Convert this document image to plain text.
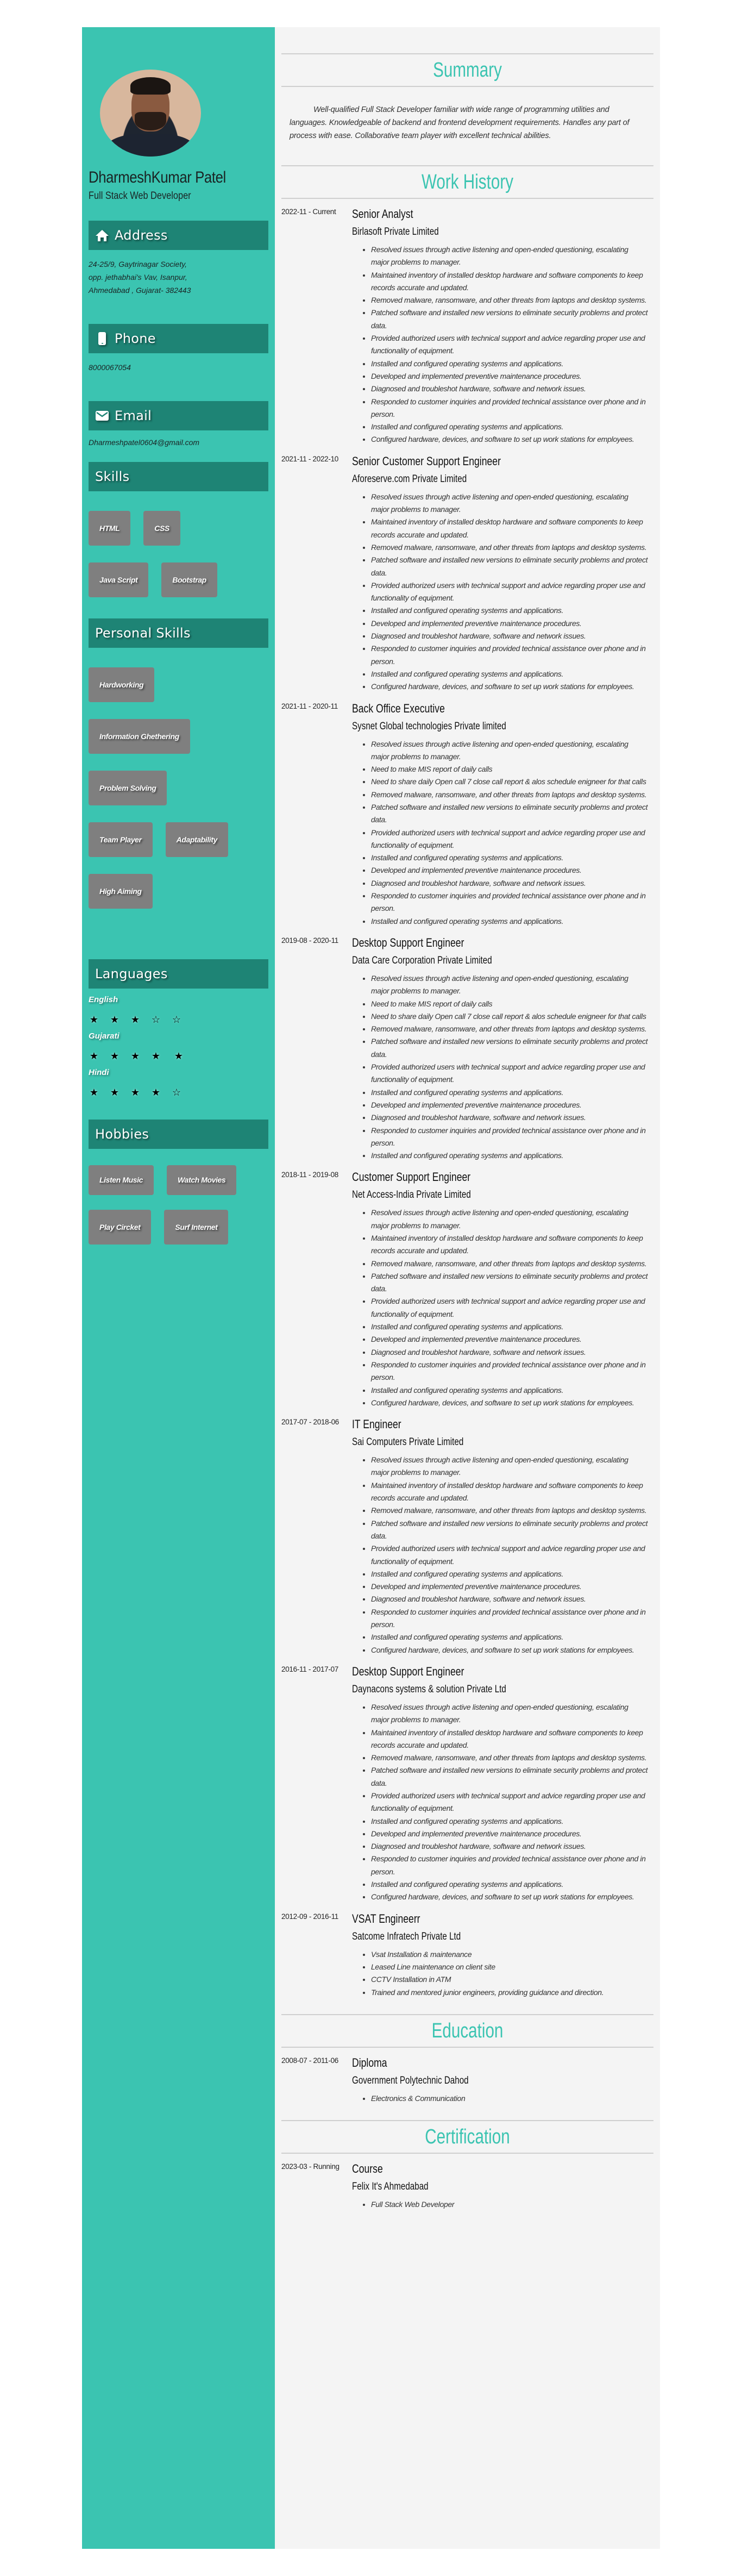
DharmeshKumar Patel
Full Stack Web Developer
Address
24-25/9, Gaytrinagar Society,
opp. jethabhai's Vav, Isanpur,
Ahmedabad , Gujarat- 382443
Phone
8000067054
Email
Dharmeshpatel0604@gmail.com
Skills
HTML	CSS
Java Script	Bootstrap
Personal Skills
Hardworking
Information Ghethering
Problem Solving
Team Player	Adaptability
High Aiming
Languages
English
★ ★ ★ ☆ ☆
Gujarati
★ ★ ★ ★ ★
Hindi
★ ★ ★ ★ ☆
Hobbies
Listen Music	Watch Movies
Play Circket	Surf Internet
Summary
Well-qualified Full Stack Developer familiar with wide range of programming utilities and languages. Knowledgeable of backend and frontend development requirements. Handles any part of process with ease. Collaborative team player with excellent technical abilities.
Work History
2022-11 - Current	Senior Analyst
Birlasoft Private Limited
• Resolved issues through active listening and open-ended questioning, escalating major problems to manager.
• Maintained inventory of installed desktop hardware and software components to keep records accurate and updated.
• Removed malware, ransomware, and other threats from laptops and desktop systems.
• Patched software and installed new versions to eliminate security problems and protect data.
• Provided authorized users with technical support and advice regarding proper use and functionality of equipment.
• Installed and configured operating systems and applications.
• Developed and implemented preventive maintenance procedures.
• Diagnosed and troubleshot hardware, software and network issues.
• Responded to customer inquiries and provided technical assistance over phone and in person.
• Installed and configured operating systems and applications.
• Configured hardware, devices, and software to set up work stations for employees.
2021-11 - 2022-10	Senior Customer Support Engineer
Aforeserve.com Private Limited
• Resolved issues through active listening and open-ended questioning, escalating major problems to manager.
• Maintained inventory of installed desktop hardware and software components to keep records accurate and updated.
• Removed malware, ransomware, and other threats from laptops and desktop systems.
• Patched software and installed new versions to eliminate security problems and protect data.
• Provided authorized users with technical support and advice regarding proper use and functionality of equipment.
• Installed and configured operating systems and applications.
• Developed and implemented preventive maintenance procedures.
• Diagnosed and troubleshot hardware, software and network issues.
• Responded to customer inquiries and provided technical assistance over phone and in person.
• Installed and configured operating systems and applications.
• Configured hardware, devices, and software to set up work stations for employees.
2021-11 - 2020-11	Back Office Executive
Sysnet Global technologies Private limited
• Resolved issues through active listening and open-ended questioning, escalating major problems to manager.
• Need to make MIS report of daily calls
• Need to share daily Open call 7 close call report & alos schedule enigneer for that calls
• Removed malware, ransomware, and other threats from laptops and desktop systems.
• Patched software and installed new versions to eliminate security problems and protect data.
• Provided authorized users with technical support and advice regarding proper use and functionality of equipment.
• Installed and configured operating systems and applications.
• Developed and implemented preventive maintenance procedures.
• Diagnosed and troubleshot hardware, software and network issues.
• Responded to customer inquiries and provided technical assistance over phone and in person.
• Installed and configured operating systems and applications.
2019-08 - 2020-11	Desktop Support Engineer
Data Care Corporation Private Limited
• Resolved issues through active listening and open-ended questioning, escalating major problems to manager.
• Need to make MIS report of daily calls
• Need to share daily Open call 7 close call report & alos schedule enigneer for that calls
• Removed malware, ransomware, and other threats from laptops and desktop systems.
• Patched software and installed new versions to eliminate security problems and protect data.
• Provided authorized users with technical support and advice regarding proper use and functionality of equipment.
• Installed and configured operating systems and applications.
• Developed and implemented preventive maintenance procedures.
• Diagnosed and troubleshot hardware, software and network issues.
• Responded to customer inquiries and provided technical assistance over phone and in person.
• Installed and configured operating systems and applications.
2018-11 - 2019-08	Customer Support Engineer
Net Access-India Private Limited
• Resolved issues through active listening and open-ended questioning, escalating major problems to manager.
• Maintained inventory of installed desktop hardware and software components to keep records accurate and updated.
• Removed malware, ransomware, and other threats from laptops and desktop systems.
• Patched software and installed new versions to eliminate security problems and protect data.
• Provided authorized users with technical support and advice regarding proper use and functionality of equipment.
• Installed and configured operating systems and applications.
• Developed and implemented preventive maintenance procedures.
• Diagnosed and troubleshot hardware, software and network issues.
• Responded to customer inquiries and provided technical assistance over phone and in person.
• Installed and configured operating systems and applications.
• Configured hardware, devices, and software to set up work stations for employees.
2017-07 - 2018-06	IT Engineer
Sai Computers Private Limited
• Resolved issues through active listening and open-ended questioning, escalating major problems to manager.
• Maintained inventory of installed desktop hardware and software components to keep records accurate and updated.
• Removed malware, ransomware, and other threats from laptops and desktop systems.
• Patched software and installed new versions to eliminate security problems and protect data.
• Provided authorized users with technical support and advice regarding proper use and functionality of equipment.
• Installed and configured operating systems and applications.
• Developed and implemented preventive maintenance procedures.
• Diagnosed and troubleshot hardware, software and network issues.
• Responded to customer inquiries and provided technical assistance over phone and in person.
• Installed and configured operating systems and applications.
• Configured hardware, devices, and software to set up work stations for employees.
2016-11 - 2017-07	Desktop Support Engineer
Daynacons systems & solution Private Ltd
• Resolved issues through active listening and open-ended questioning, escalating major problems to manager.
• Maintained inventory of installed desktop hardware and software components to keep records accurate and updated.
• Removed malware, ransomware, and other threats from laptops and desktop systems.
• Patched software and installed new versions to eliminate security problems and protect data.
• Provided authorized users with technical support and advice regarding proper use and functionality of equipment.
• Installed and configured operating systems and applications.
• Developed and implemented preventive maintenance procedures.
• Diagnosed and troubleshot hardware, software and network issues.
• Responded to customer inquiries and provided technical assistance over phone and in person.
• Installed and configured operating systems and applications.
• Configured hardware, devices, and software to set up work stations for employees.
2012-09 - 2016-11	VSAT Engineerr
Satcome Infratech Private Ltd
• Vsat Installation & maintenance
• Leased Line maintenance on client site
• CCTV Installation in ATM
• Trained and mentored junior engineers, providing guidance and direction.
Education
2008-07 - 2011-06	Diploma
Government Polytechnic Dahod
• Electronics & Communication
Certification
2023-03 - Running	Course
Felix It's Ahmedabad
• Full Stack Web Developer
